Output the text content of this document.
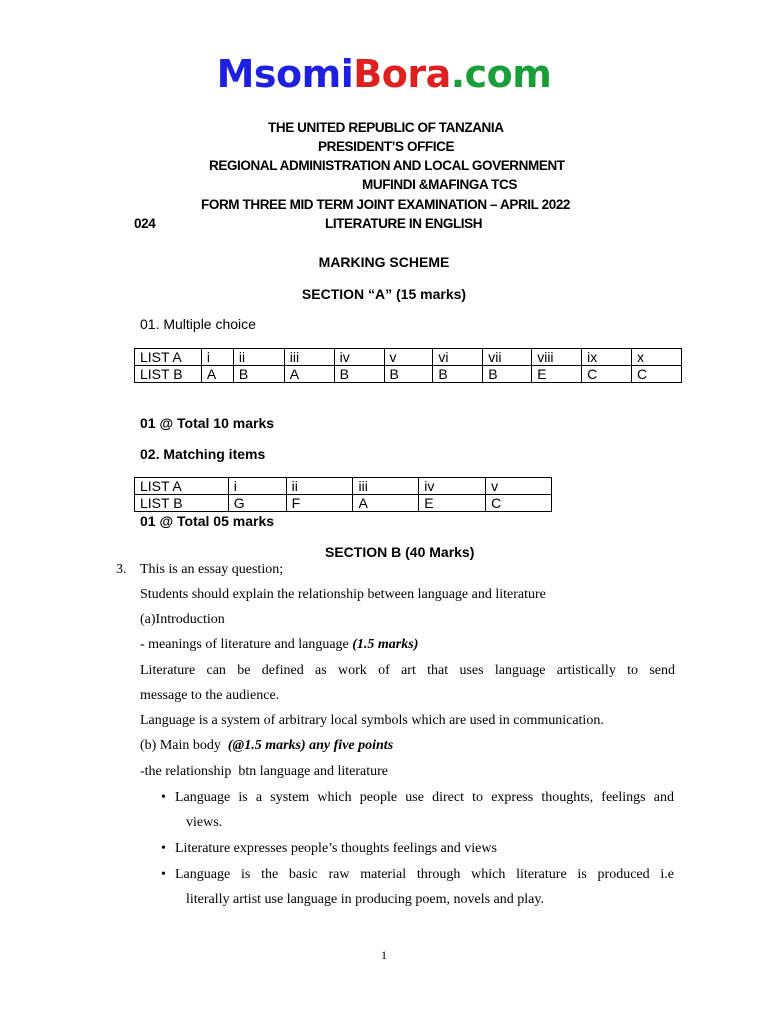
MsomiBora.com
THE UNITED REPUBLIC OF TANZANIA
PRESIDENT’S OFFICE
REGIONAL ADMINISTRATION AND LOCAL GOVERNMENT
MUFINDI &MAFINGA TCS
FORM THREE MID TERM JOINT EXAMINATION – APRIL 2022
024	LITERATURE IN ENGLISH
MARKING SCHEME
SECTION “A” (15 marks)
01. Multiple choice
LIST A	i	ii	iii	iv	v	vi	vii	viii	ix	x
LIST B	A	B	A	B	B	B	B	E	C	C
01 @ Total 10 marks
02. Matching items
LIST A	i	ii	iii	iv	v
LIST B	G	F	A	E	C
01 @ Total 05 marks
SECTION B (40 Marks)
3. This is an essay question;
Students should explain the relationship between language and literature
(a)Introduction
- meanings of literature and language (1.5 marks)
Literature can be defined as work of art that uses language artistically to send
message to the audience.
Language is a system of arbitrary local symbols which are used in communication.
(b) Main body  (@1.5 marks) any five points
-the relationship  btn language and literature
• Language is a system which people use direct to express thoughts, feelings and
views.
• Literature expresses people’s thoughts feelings and views
• Language is the basic raw material through which literature is produced i.e
literally artist use language in producing poem, novels and play.
1
